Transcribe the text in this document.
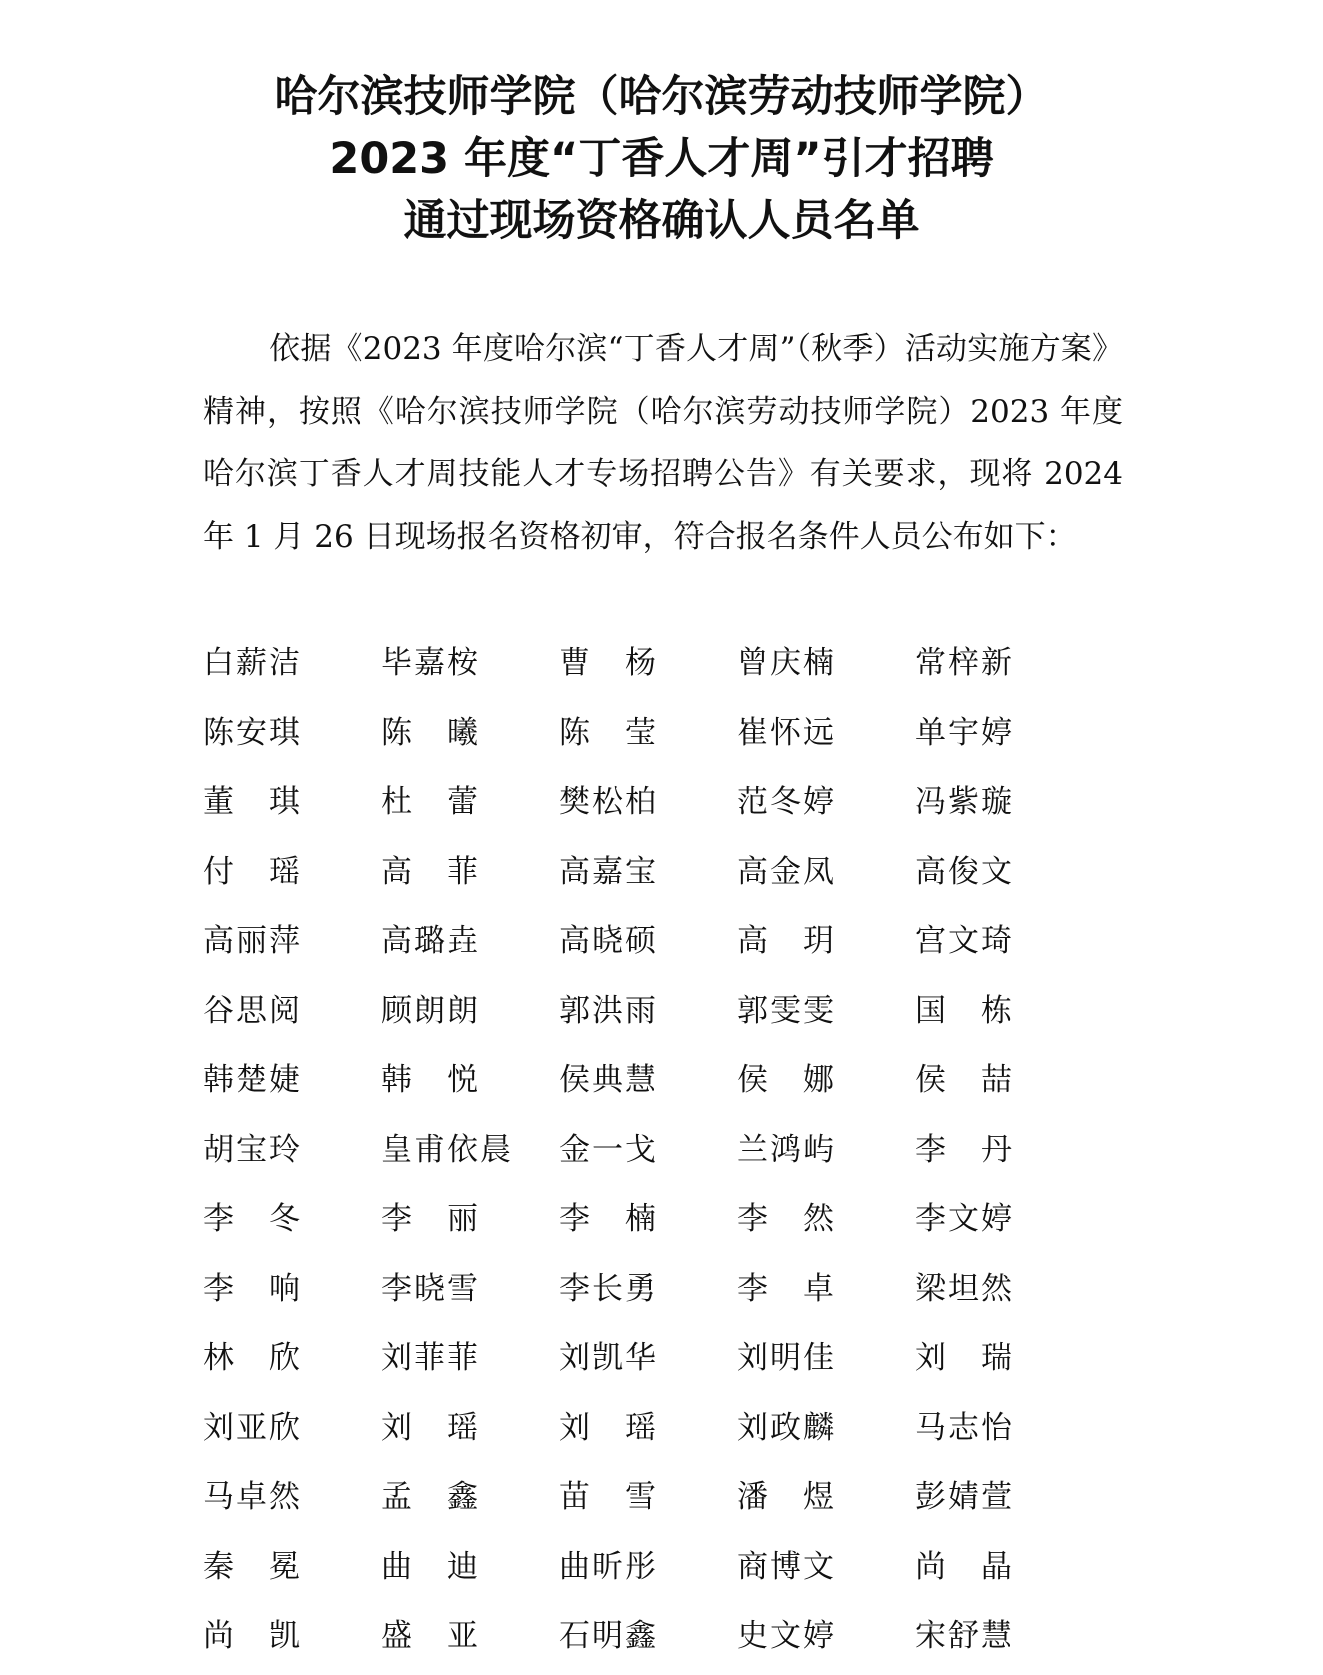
哈尔滨技师学院（哈尔滨劳动技师学院）
2023 年度“丁香人才周”引才招聘
通过现场资格确认人员名单
依据《2023 年度哈尔滨“丁香人才周”（秋季）活动实施方案》精神，按照《哈尔滨技师学院（哈尔滨劳动技师学院）2023 年度哈尔滨丁香人才周技能人才专场招聘公告》有关要求，现将 2024 年 1 月 26 日现场报名资格初审，符合报名条件人员公布如下：
白薪洁	毕嘉桉	曹　杨	曾庆楠	常梓新
陈安琪	陈　曦	陈　莹	崔怀远	单宇婷
董　琪	杜　蕾	樊松柏	范冬婷	冯紫璇
付　瑶	高　菲	高嘉宝	高金凤	高俊文
高丽萍	高璐垚	高晓硕	高　玥	宫文琦
谷思阅	顾朗朗	郭洪雨	郭雯雯	国　栋
韩楚婕	韩　悦	侯典慧	侯　娜	侯　喆
胡宝玲	皇甫依晨 金一戈	兰鸿屿	李　丹
李　冬	李　丽	李　楠	李　然	李文婷
李　响	李晓雪	李长勇	李　卓	梁坦然
林　欣	刘菲菲	刘凯华	刘明佳	刘　瑞
刘亚欣	刘　瑶	刘　瑶	刘政麟	马志怡
马卓然	孟　鑫	苗　雪	潘　煜	彭婧萱
秦　冕	曲　迪	曲昕彤	商博文	尚　晶
尚　凯	盛　亚	石明鑫	史文婷	宋舒慧
